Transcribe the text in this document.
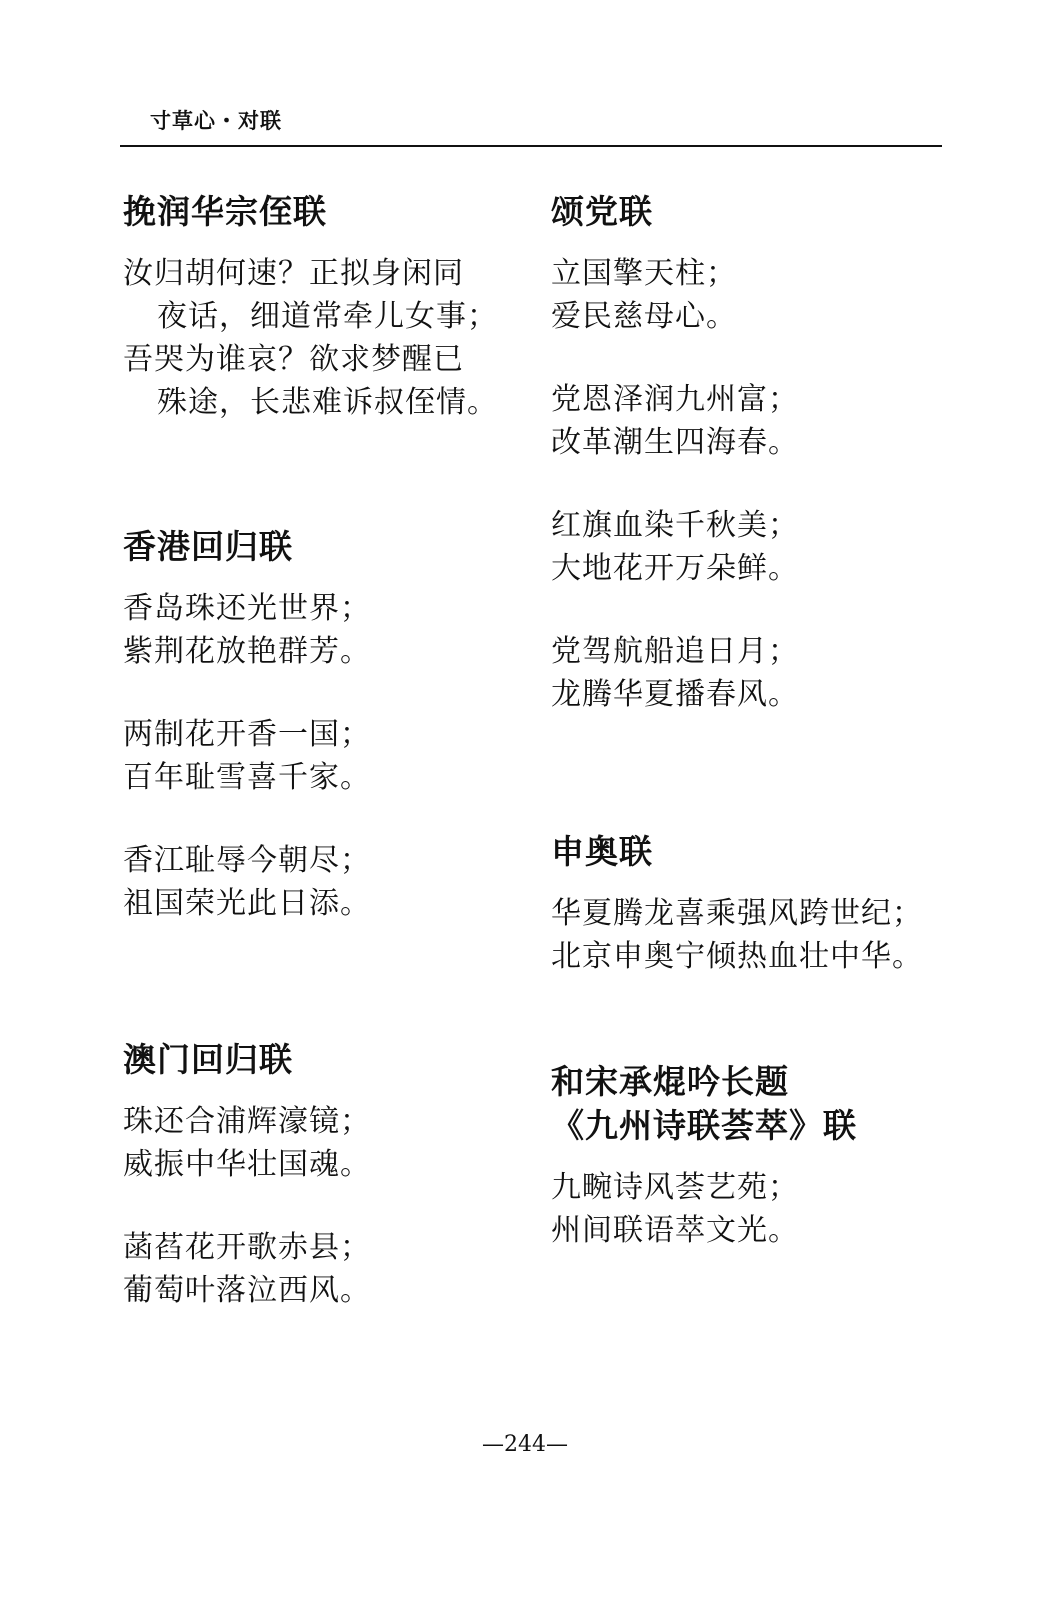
寸草心・对联
挽润华宗侄联
汝归胡何速？正拟身闲同
夜话，细道常牵儿女事；
吾哭为谁哀？欲求梦醒已
殊途，长悲难诉叔侄情。
香港回归联
香岛珠还光世界；
紫荆花放艳群芳。
两制花开香一国；
百年耻雪喜千家。
香江耻辱今朝尽；
祖国荣光此日添。
澳门回归联
珠还合浦辉濠镜；
威振中华壮国魂。
菡萏花开歌赤县；
葡萄叶落泣西风。
颂党联
立国擎天柱；
爱民慈母心。
党恩泽润九州富；
改革潮生四海春。
红旗血染千秋美；
大地花开万朵鲜。
党驾航船追日月；
龙腾华夏播春风。
申奥联
华夏腾龙喜乘强风跨世纪；
北京申奥宁倾热血壮中华。
和宋承焜吟长题
《九州诗联荟萃》联
九畹诗风荟艺苑；
州间联语萃文光。
—244—
